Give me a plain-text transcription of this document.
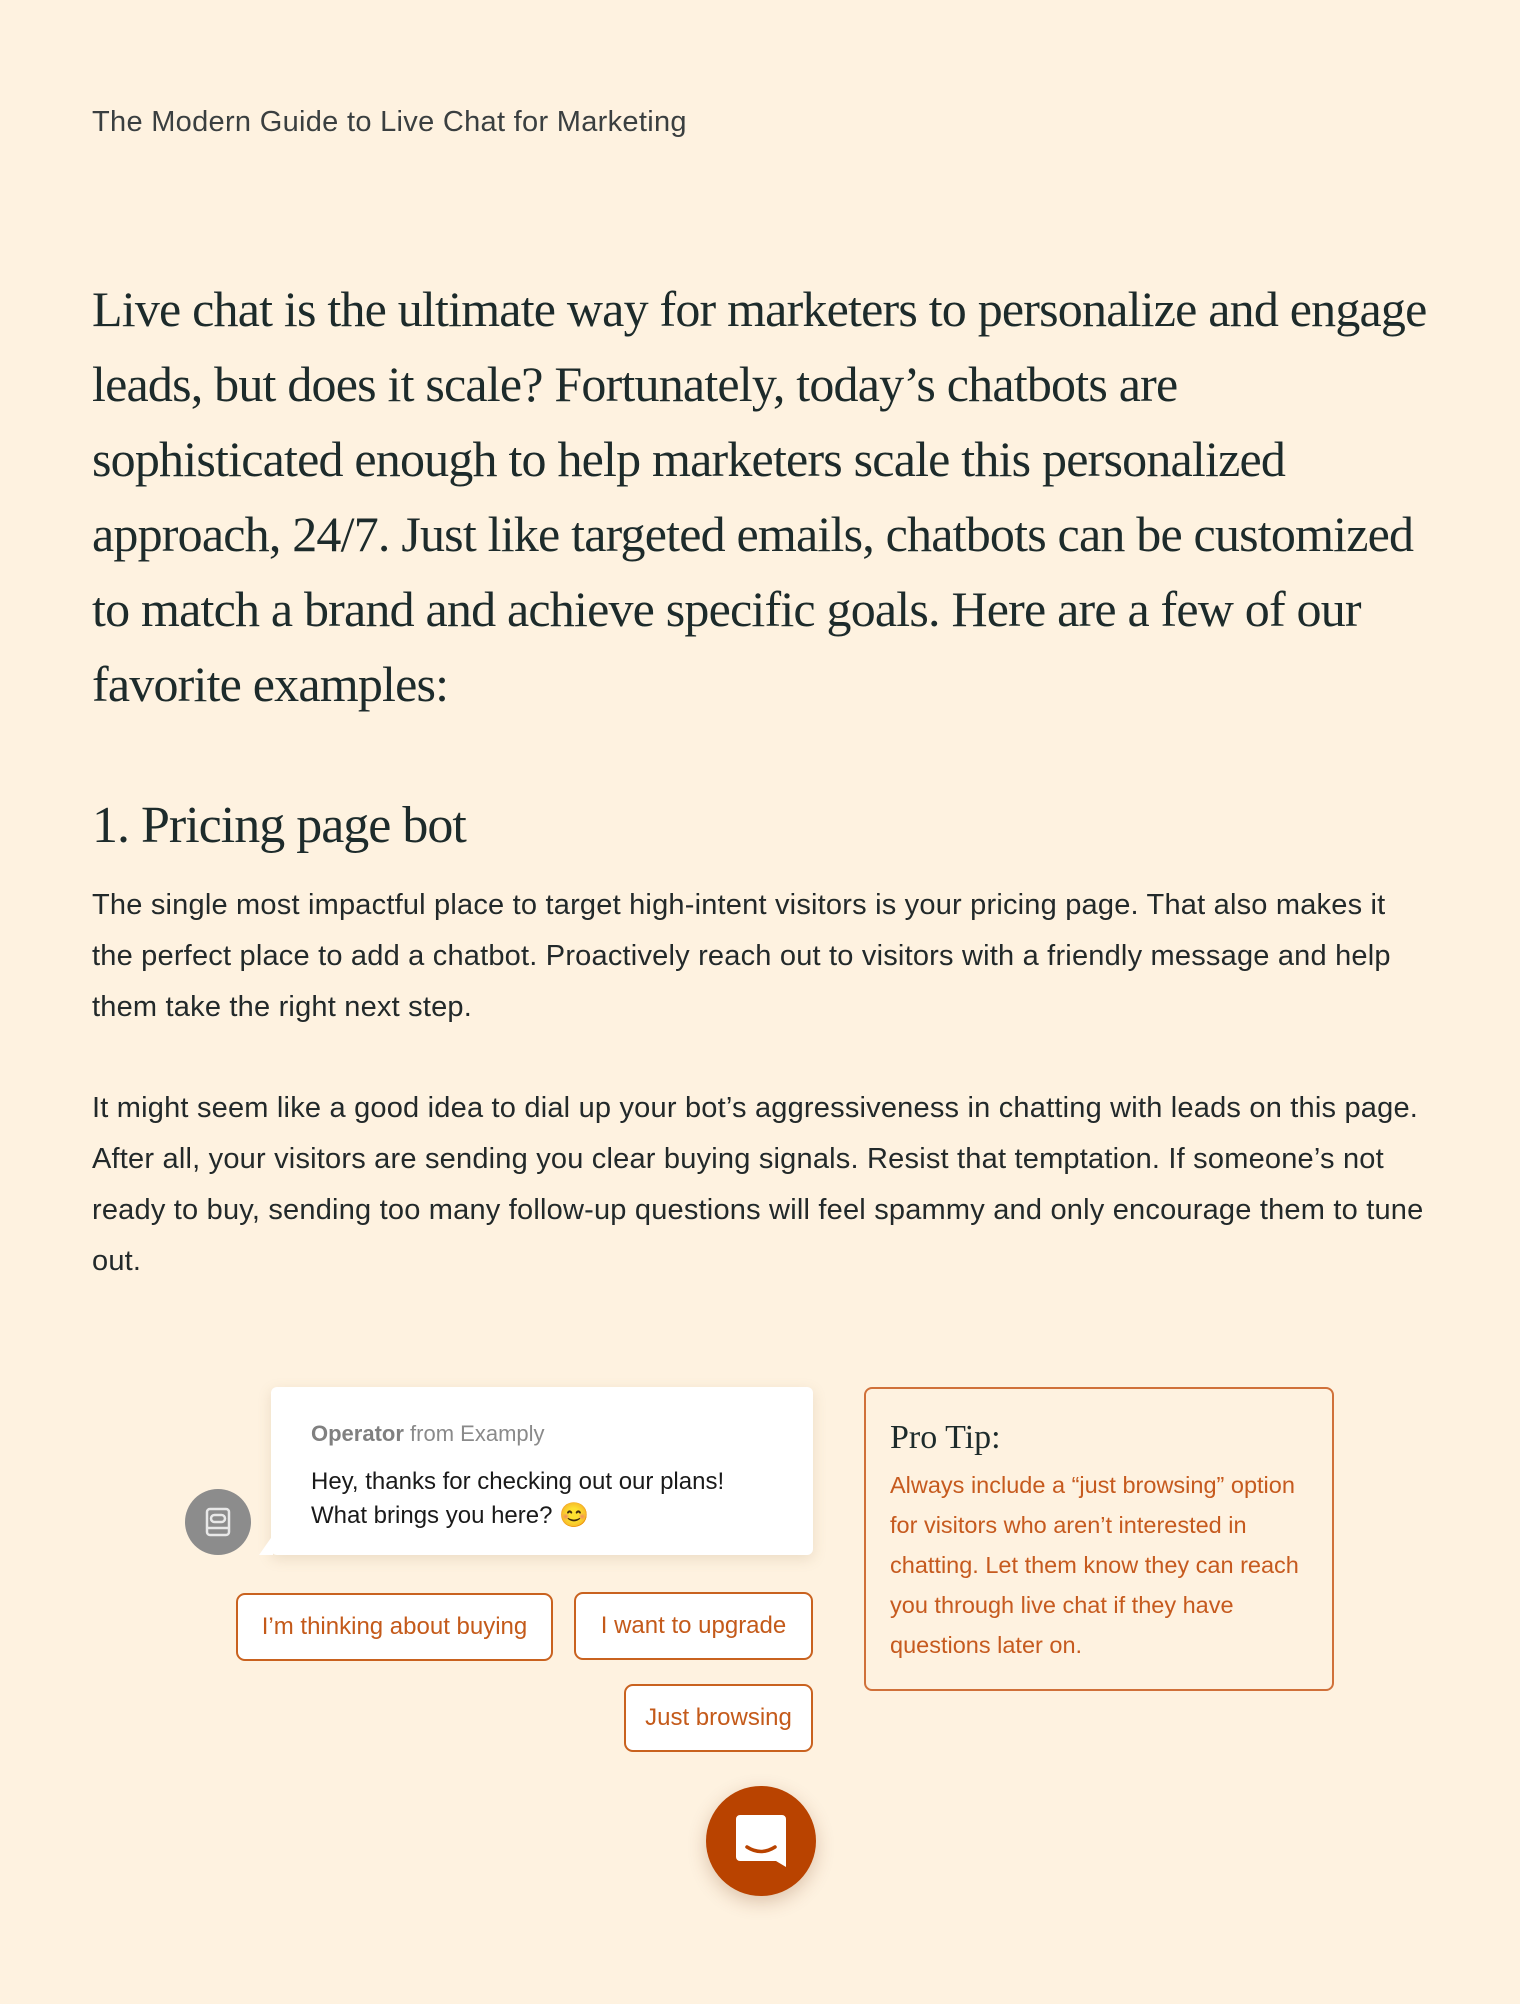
The Modern Guide to Live Chat for Marketing

Live chat is the ultimate way for marketers to personalize and engage leads, but does it scale? Fortunately, today’s chatbots are sophisticated enough to help marketers scale this personalized approach, 24/7. Just like targeted emails, chatbots can be customized to match a brand and achieve specific goals. Here are a few of our favorite examples:

1. Pricing page bot

The single most impactful place to target high-intent visitors is your pricing page. That also makes it the perfect place to add a chatbot. Proactively reach out to visitors with a friendly message and help them take the right next step.

It might seem like a good idea to dial up your bot’s aggressiveness in chatting with leads on this page. After all, your visitors are sending you clear buying signals. Resist that temptation. If someone’s not ready to buy, sending too many follow-up questions will feel spammy and only encourage them to tune out.

Operator from Examply
Hey, thanks for checking out our plans! What brings you here? 😊
I’m thinking about buying	I want to upgrade
Just browsing
Pro Tip:

Always include a “just browsing” option for visitors who aren’t interested in chatting. Let them know they can reach you through live chat if they have questions later on.
